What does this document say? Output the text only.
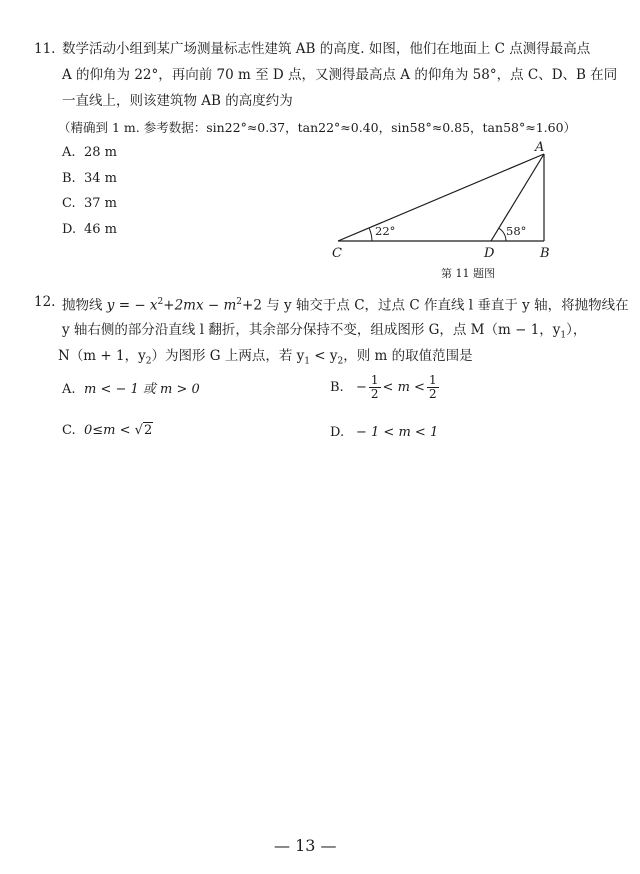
11. 数学活动小组到某广场测量标志性建筑 AB 的高度. 如图，他们在地面上 C 点测得最高点
A 的仰角为 22°，再向前 70 m 至 D 点，又测得最高点 A 的仰角为 58°，点 C、D、B 在同
一直线上，则该建筑物 AB 的高度约为
（精确到 1 m. 参考数据：sin22°≈0.37，tan22°≈0.40，sin58°≈0.85，tan58°≈1.60）
A. 28 m
B. 34 m
C. 37 m
D. 46 m
A
B
C	D
22°	58°
第 11 题图
12. 抛物线 y = − $x^2+2mx - m^2+2$ 与 y 轴交于点 C，过点 C 作直线 l 垂直于 y 轴，将抛物线在
y 轴右侧的部分沿直线 l 翻折，其余部分保持不变，组成图形 G，点 M（m − 1，$y_1$），
N（m + 1，$y_2$）为图形 G 上两点，若 $y_1 < y_2$，则 m 的取值范围是
A. m < − 1 或 m > 0	B. − $\frac{1}{2} < m < \frac{1}{2}$
C. 0≤m < √2	D. − 1 < m < 1
— 13 —
